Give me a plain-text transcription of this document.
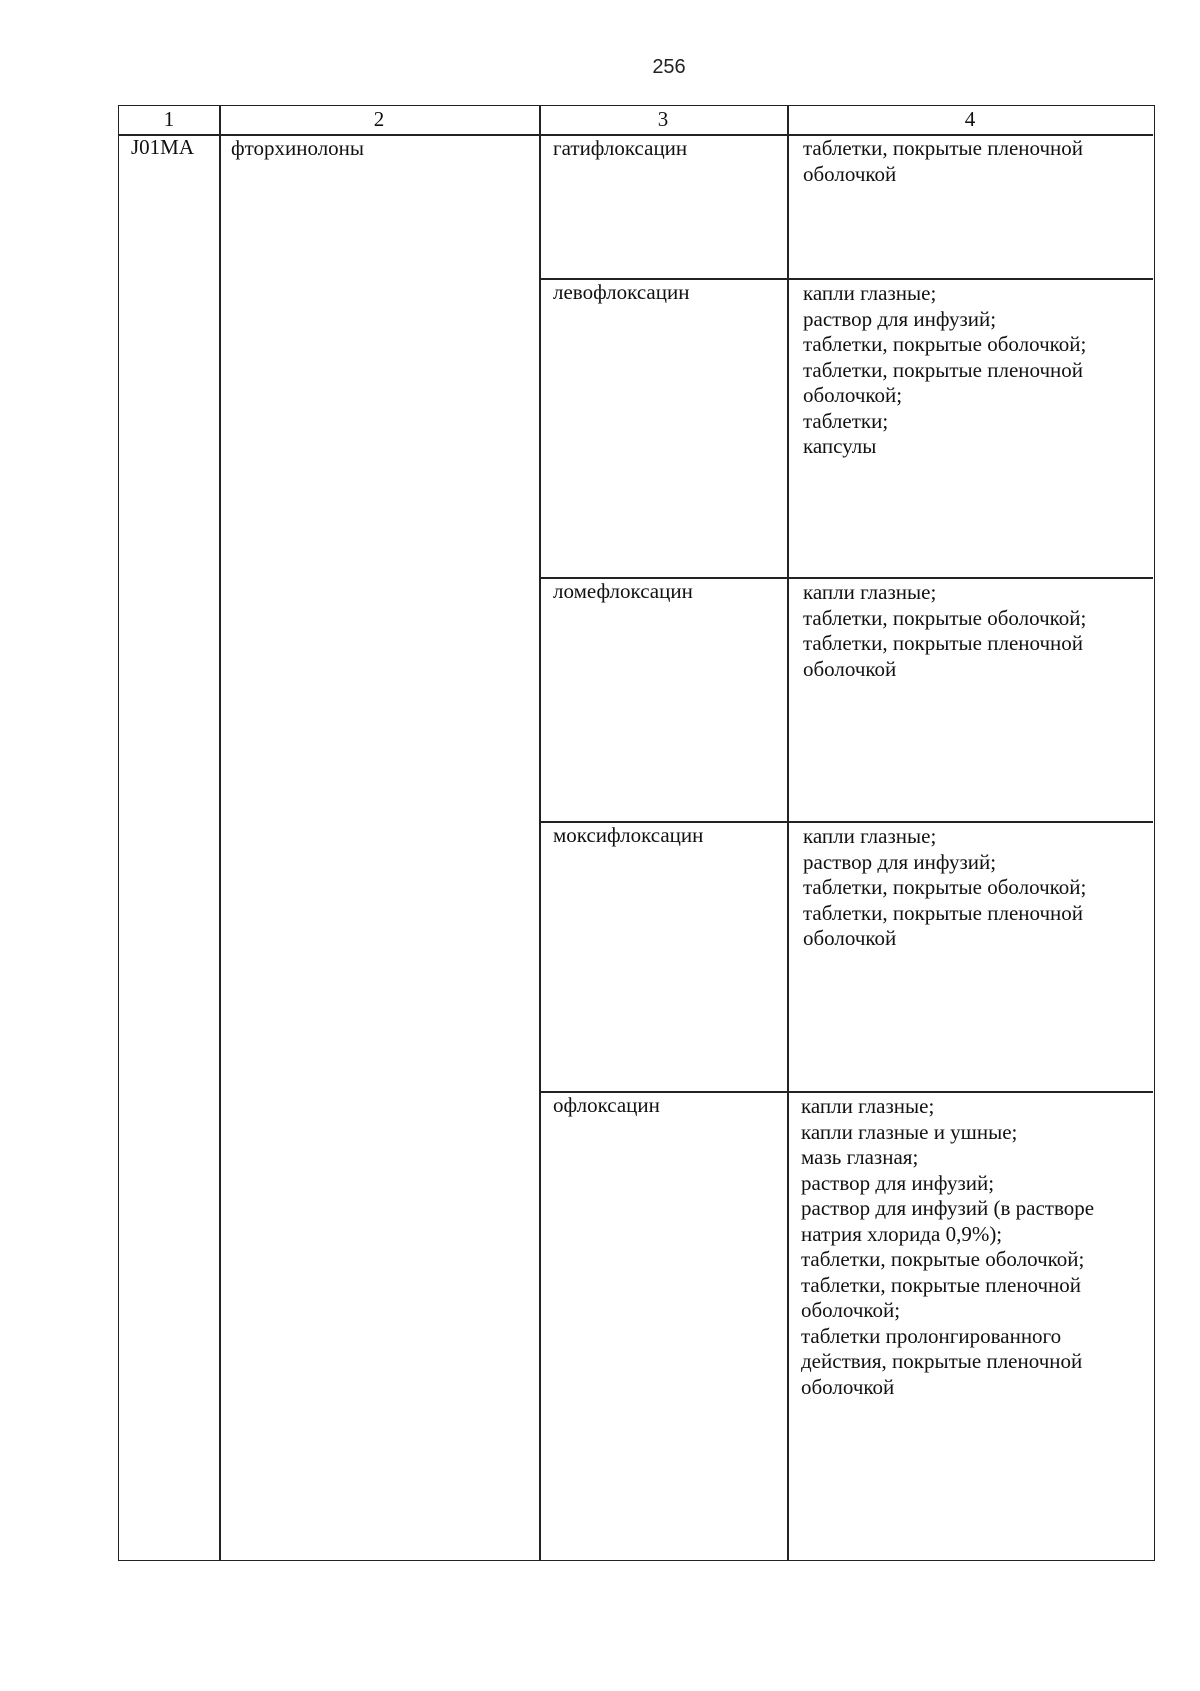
256
1	2	3	4
J01MA фторхинолоны	гатифлоксацин	таблетки, покрытые пленочной
оболочкой
левофлоксацин	капли глазные;
раствор для инфузий;
таблетки, покрытые оболочкой;
таблетки, покрытые пленочной
оболочкой;
таблетки;
капсулы
ломефлоксацин	капли глазные;
таблетки, покрытые оболочкой;
таблетки, покрытые пленочной
оболочкой
моксифлоксацин	капли глазные;
раствор для инфузий;
таблетки, покрытые оболочкой;
таблетки, покрытые пленочной
оболочкой
офлоксацин	капли глазные;
капли глазные и ушные;
мазь глазная;
раствор для инфузий;
раствор для инфузий (в растворе
натрия хлорида 0,9%);
таблетки, покрытые оболочкой;
таблетки, покрытые пленочной
оболочкой;
таблетки пролонгированного
действия, покрытые пленочной
оболочкой
